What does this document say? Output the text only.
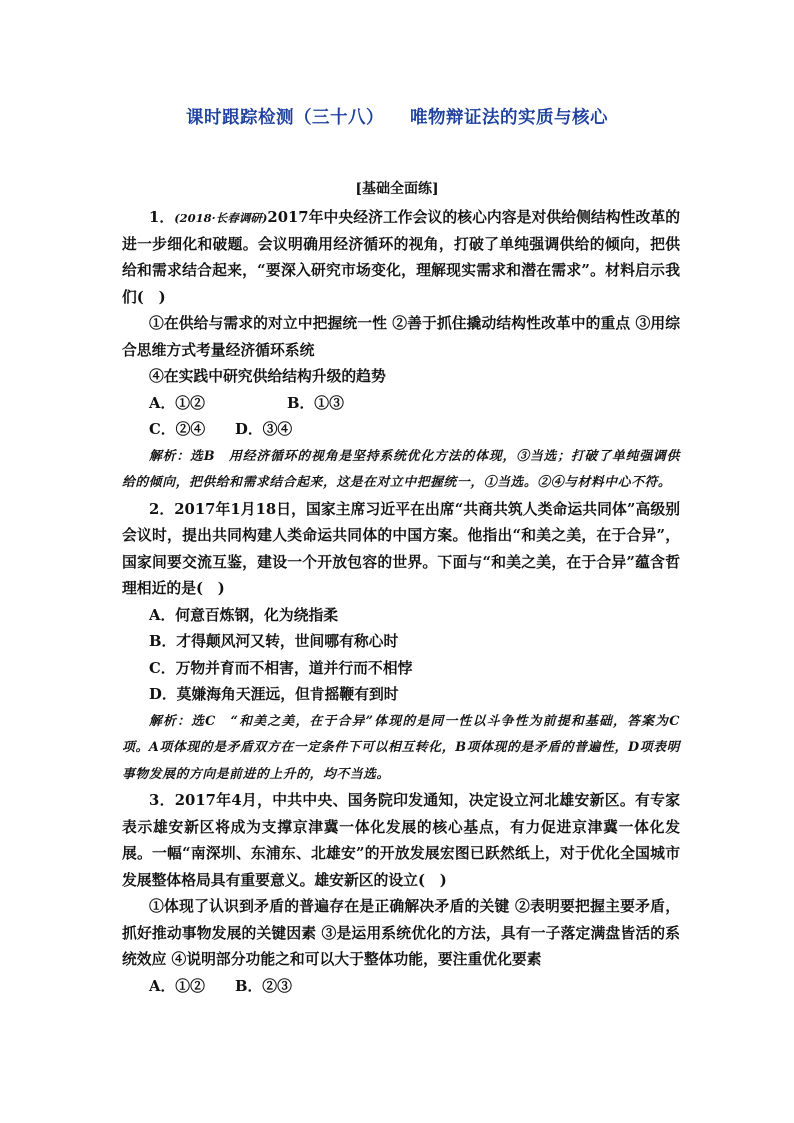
课时跟踪检测（三十八） 唯物辩证法的实质与核心
[基础全面练]

1．(2018·长春调研)2017年中央经济工作会议的核心内容是对供给侧结构性改革的进一步细化和破题。会议明确用经济循环的视角，打破了单纯强调供给的倾向，把供给和需求结合起来，“要深入研究市场变化，理解现实需求和潜在需求”。材料启示我们(　)

①在供给与需求的对立中把握统一性 ②善于抓住撬动结构性改革中的重点 ③用综合思维方式考量经济循环系统

④在实践中研究供给结构升级的趋势

A．①②	B．①③

C．②④ D．③④

解析：选B　用经济循环的视角是坚持系统优化方法的体现，③当选；打破了单纯强调供给的倾向，把供给和需求结合起来，这是在对立中把握统一，①当选。②④与材料中心不符。

2．2017年1月18日，国家主席习近平在出席“共商共筑人类命运共同体”高级别会议时，提出共同构建人类命运共同体的中国方案。他指出“和美之美，在于合异”，国家间要交流互鉴，建设一个开放包容的世界。下面与“和美之美，在于合异”蕴含哲理相近的是(　)

A．何意百炼钢，化为绕指柔

B．才得颠风河又转，世间哪有称心时

C．万物并育而不相害，道并行而不相悖

D．莫嫌海角天涯远，但肯摇鞭有到时

解析：选C　“和美之美，在于合异”体现的是同一性以斗争性为前提和基础，答案为C项。A项体现的是矛盾双方在一定条件下可以相互转化，B项体现的是矛盾的普遍性，D项表明事物发展的方向是前进的上升的，均不当选。

3．2017年4月，中共中央、国务院印发通知，决定设立河北雄安新区。有专家表示雄安新区将成为支撑京津冀一体化发展的核心基点，有力促进京津冀一体化发展。一幅“南深圳、东浦东、北雄安”的开放发展宏图已跃然纸上，对于优化全国城市发展整体格局具有重要意义。雄安新区的设立(　)

①体现了认识到矛盾的普遍存在是正确解决矛盾的关键 ②表明要把握主要矛盾，抓好推动事物发展的关键因素 ③是运用系统优化的方法，具有一子落定满盘皆活的系统效应 ④说明部分功能之和可以大于整体功能，要注重优化要素

A．①② B．②③
